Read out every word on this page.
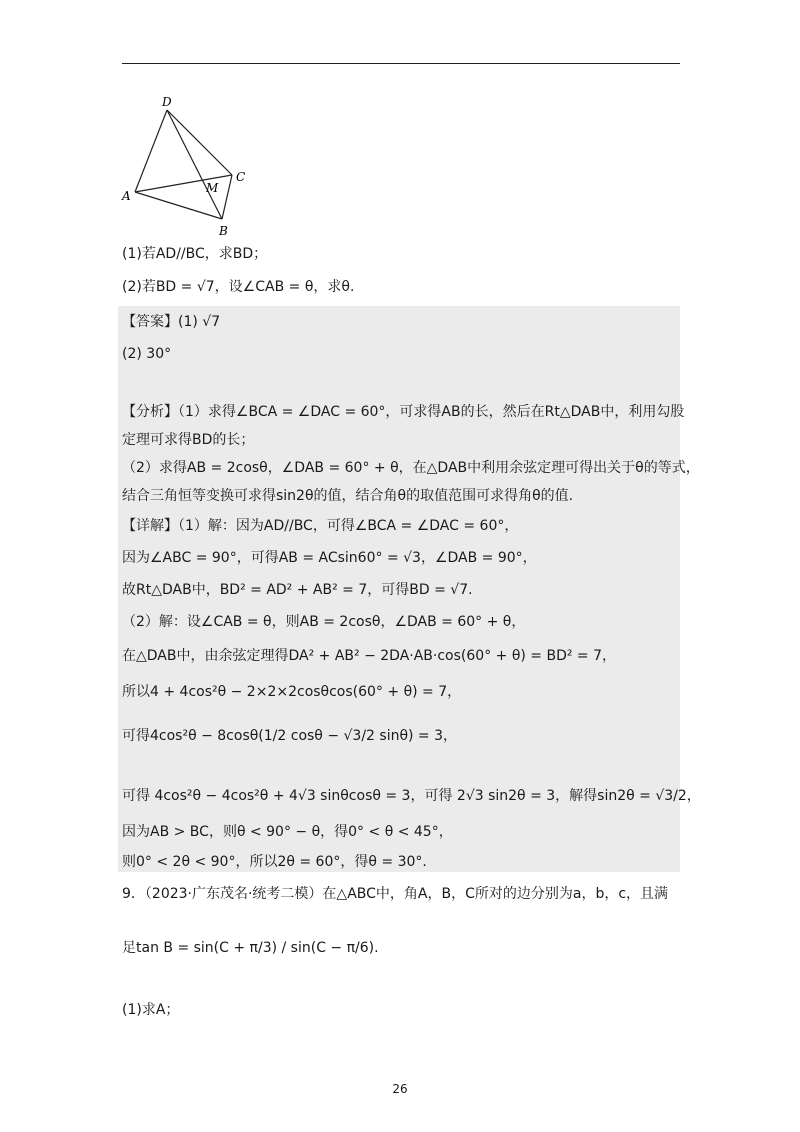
D
A
M
C
B
(1)若AD//BC，求BD；
(2)若BD = √7，设∠CAB = θ，求θ.
【答案】(1) √7
(2) 30°
【分析】（1）求得∠BCA = ∠DAC = 60°，可求得AB的长，然后在Rt△DAB中，利用勾股
定理可求得BD的长；
（2）求得AB = 2cosθ，∠DAB = 60° + θ，在△DAB中利用余弦定理可得出关于θ的等式，
结合三角恒等变换可求得sin2θ的值，结合角θ的取值范围可求得角θ的值.
【详解】（1）解：因为AD//BC，可得∠BCA = ∠DAC = 60°，
因为∠ABC = 90°，可得AB = ACsin60° = √3，∠DAB = 90°，
故Rt△DAB中，BD² = AD² + AB² = 7，可得BD = √7.
（2）解：设∠CAB = θ，则AB = 2cosθ，∠DAB = 60° + θ，
在△DAB中，由余弦定理得DA² + AB² − 2DA·AB·cos(60° + θ) = BD² = 7，
所以4 + 4cos²θ − 2×2×2cosθcos(60° + θ) = 7，
可得4cos²θ − 8cosθ(1/2 cosθ − √3/2 sinθ) = 3，
可得 4cos²θ − 4cos²θ + 4√3 sinθcosθ = 3，可得 2√3 sin2θ = 3，解得sin2θ = √3/2，
因为AB > BC，则θ < 90° − θ，得0° < θ < 45°，
则0° < 2θ < 90°，所以2θ = 60°，得θ = 30°.
9．（2023·广东茂名·统考二模）在△ABC中，角A，B，C所对的边分别为a，b，c，且满
足tan B = sin(C + π/3) / sin(C − π/6).
(1)求A；
26
